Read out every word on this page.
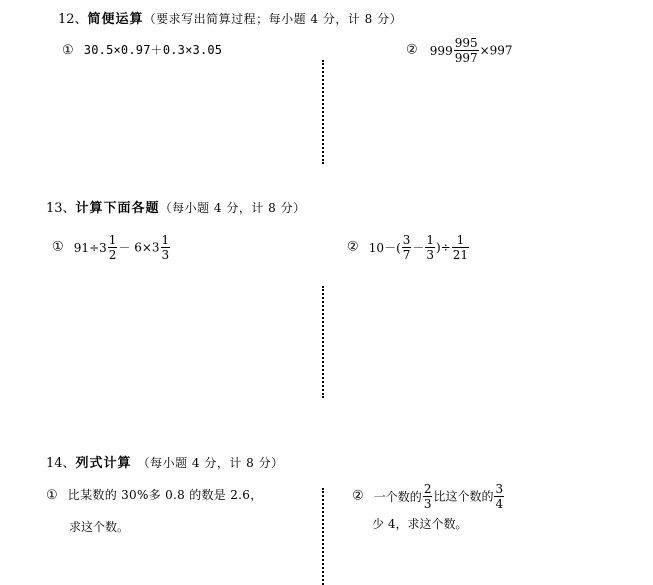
12、简便运算（要求写出简算过程；每小题 4 分，计 8 分）
① 30.5×0.97＋0.3×3.05	② $999 \frac{995}{997} \times 997$
13、计算下面各题（每小题 4 分，计 8 分）
① $91\div 3 \frac{1}{2} - 6\times 3 \frac{1}{3}$	② $10-( \frac{3}{7} - \frac{1}{3}$ )÷ $\frac{1}{21}$
14、列式计算 （每小题 4 分，计 8 分）
① 比某数的 30%多 0.8 的数是 2.6，
求这个数。
② 一个数的 $\frac{2}{3}$ 比这个数的 $\frac{3}{4}$
少 4，求这个数。
